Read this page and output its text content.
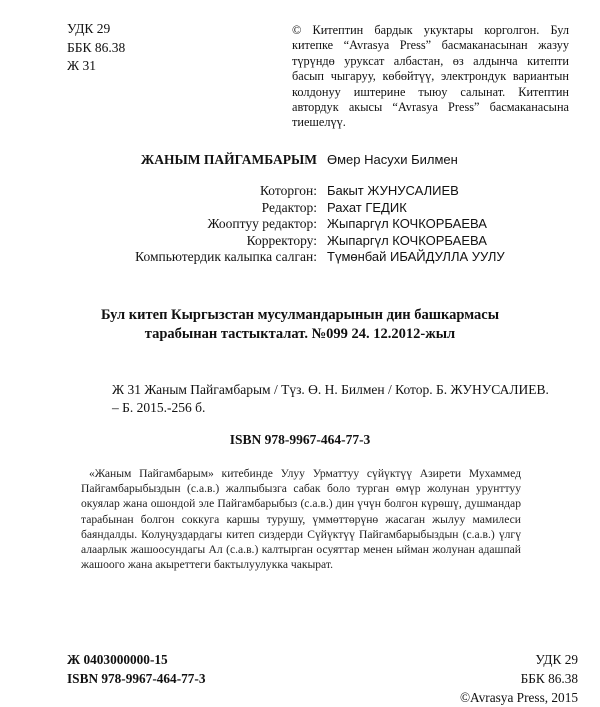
УДК 29
ББК 86.38
Ж 31
© Китептин бардык укуктары корголгон. Бул китепке “Avrasya Press” басмаканасынан жазуу түрүндө уруксат албастан, өз алдынча китепти басып чыгаруу, көбөйтүү, электрондук вариантын колдонуу иштерине тыюу салынат. Китептин автордук акысы “Avrasya Press” басмаканасына тиешелүү.
ЖАНЫМ ПАЙГАМБАРЫМ Өмер Насухи Билмен
Которгон: Бакыт ЖУНУСАЛИЕВ
Редактор: Рахат ГЕДИК
Жооптуу редактор: Жыпаргүл КОЧКОРБАЕВА
Корректору: Жыпаргүл КОЧКОРБАЕВА
Компьютердик калыпка салган: Түмөнбай ИБАЙДУЛЛА УУЛУ
Бул китеп Кыргызстан мусулмандарынын дин башкармасы
тарабынан тастыкталат. №099 24. 12.2012-жыл
Ж 31 Жаным Пайгамбарым / Түз. Ө. Н. Билмен / Котор. Б. ЖУНУСАЛИЕВ.
– Б. 2015.-256 б.
ISBN 978-9967-464-77-3
«Жаным Пайгамбарым» китебинде Улуу Урматтуу сүйүктүү Азирети Мухаммед Пайгамбарыбыздын (с.а.в.) жалпыбызга сабак боло турган өмүр жолунан урунттуу окуялар жана ошондой эле Пайгамбарыбыз (с.а.в.) дин үчүн болгон күрөшү, душмандар тарабынан болгон соккуга каршы турушу, үммөттөрүнө жасаган жылуу мамилеси баяндалды. Колуңуздардагы китеп сиздерди Сүйүктүү Пайгамбарыбыздын (с.а.в.) үлгү алаарлык жашоосундагы Ал (с.а.в.) калтырган осуяттар менен ыйман жолунан адашпай жашоого жана акыреттеги бактылуулукка чакырат.
Ж 0403000000-15
ISBN 978-9967-464-77-3
УДК 29
ББК 86.38
©Avrasya Press, 2015
